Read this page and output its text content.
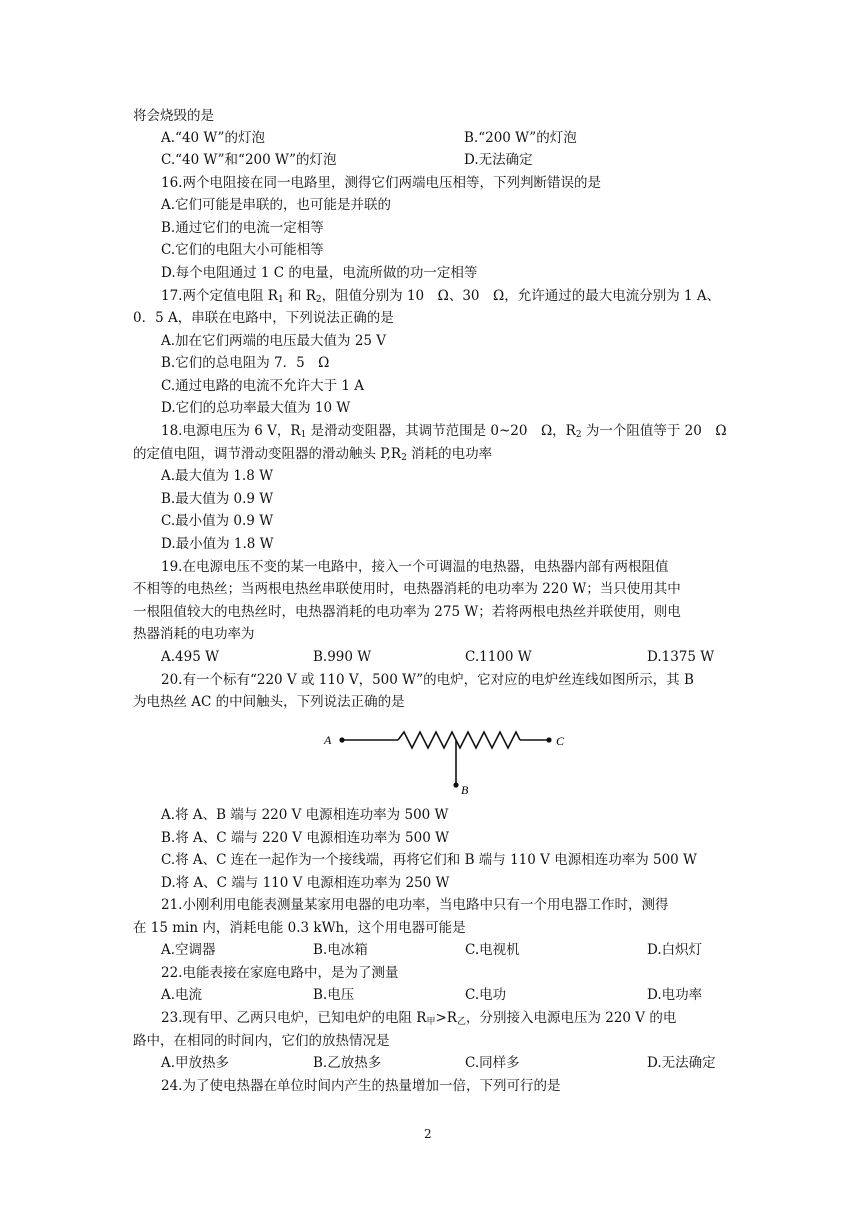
将会烧毁的是
A.“40 W”的灯泡	B.“200 W”的灯泡
C.“40 W”和“200 W”的灯泡	D.无法确定
16.两个电阻接在同一电路里，测得它们两端电压相等，下列判断错误的是
A.它们可能是串联的，也可能是并联的
B.通过它们的电流一定相等
C.它们的电阻大小可能相等
D.每个电阻通过 1 C 的电量，电流所做的功一定相等
17.两个定值电阻 $R_1$ 和 $R_2$，阻值分别为 10　Ω、30　Ω，允许通过的最大电流分别为 1 A、
0．5 A，串联在电路中，下列说法正确的是
A.加在它们两端的电压最大值为 25 V
B.它们的总电阻为 7．5　Ω
C.通过电路的电流不允许大于 1 A
D.它们的总功率最大值为 10 W
18.电源电压为 6 V，$R_1$ 是滑动变阻器，其调节范围是 0~20　Ω，$R_2$ 为一个阻值等于 20　Ω
的定值电阻，调节滑动变阻器的滑动触头 $P,R_2$ 消耗的电功率
A.最大值为 1.8 W
B.最大值为 0.9 W
C.最小值为 0.9 W
D.最小值为 1.8 W
19.在电源电压不变的某一电路中，接入一个可调温的电热器，电热器内部有两根阻值
不相等的电热丝；当两根电热丝串联使用时，电热器消耗的电功率为 220 W；当只使用其中
一根阻值较大的电热丝时，电热器消耗的电功率为 275 W；若将两根电热丝并联使用，则电
热器消耗的电功率为
A.495 W	B.990 W	C.1100 W	D.1375 W
20.有一个标有“220 V 或 110 V，500 W”的电炉，它对应的电炉丝连线如图所示，其 B
为电热丝 AC 的中间触头，下列说法正确的是
A	C
B
A.将 A、B 端与 220 V 电源相连功率为 500 W
B.将 A、C 端与 220 V 电源相连功率为 500 W
C.将 A、C 连在一起作为一个接线端，再将它们和 B 端与 110 V 电源相连功率为 500 W
D.将 A、C 端与 110 V 电源相连功率为 250 W
21.小刚利用电能表测量某家用电器的电功率，当电路中只有一个用电器工作时，测得
在 15 min 内，消耗电能 0.3 kWh，这个用电器可能是
A.空调器	B.电冰箱	C.电视机	D.白炽灯
22.电能表接在家庭电路中，是为了测量
A.电流	B.电压	C.电功	D.电功率
23.现有甲、乙两只电炉，已知电炉的电阻 $R_甲>R_乙$，分别接入电源电压为 220 V 的电
路中，在相同的时间内，它们的放热情况是
A.甲放热多	B.乙放热多	C.同样多	D.无法确定
24.为了使电热器在单位时间内产生的热量增加一倍，下列可行的是
2
